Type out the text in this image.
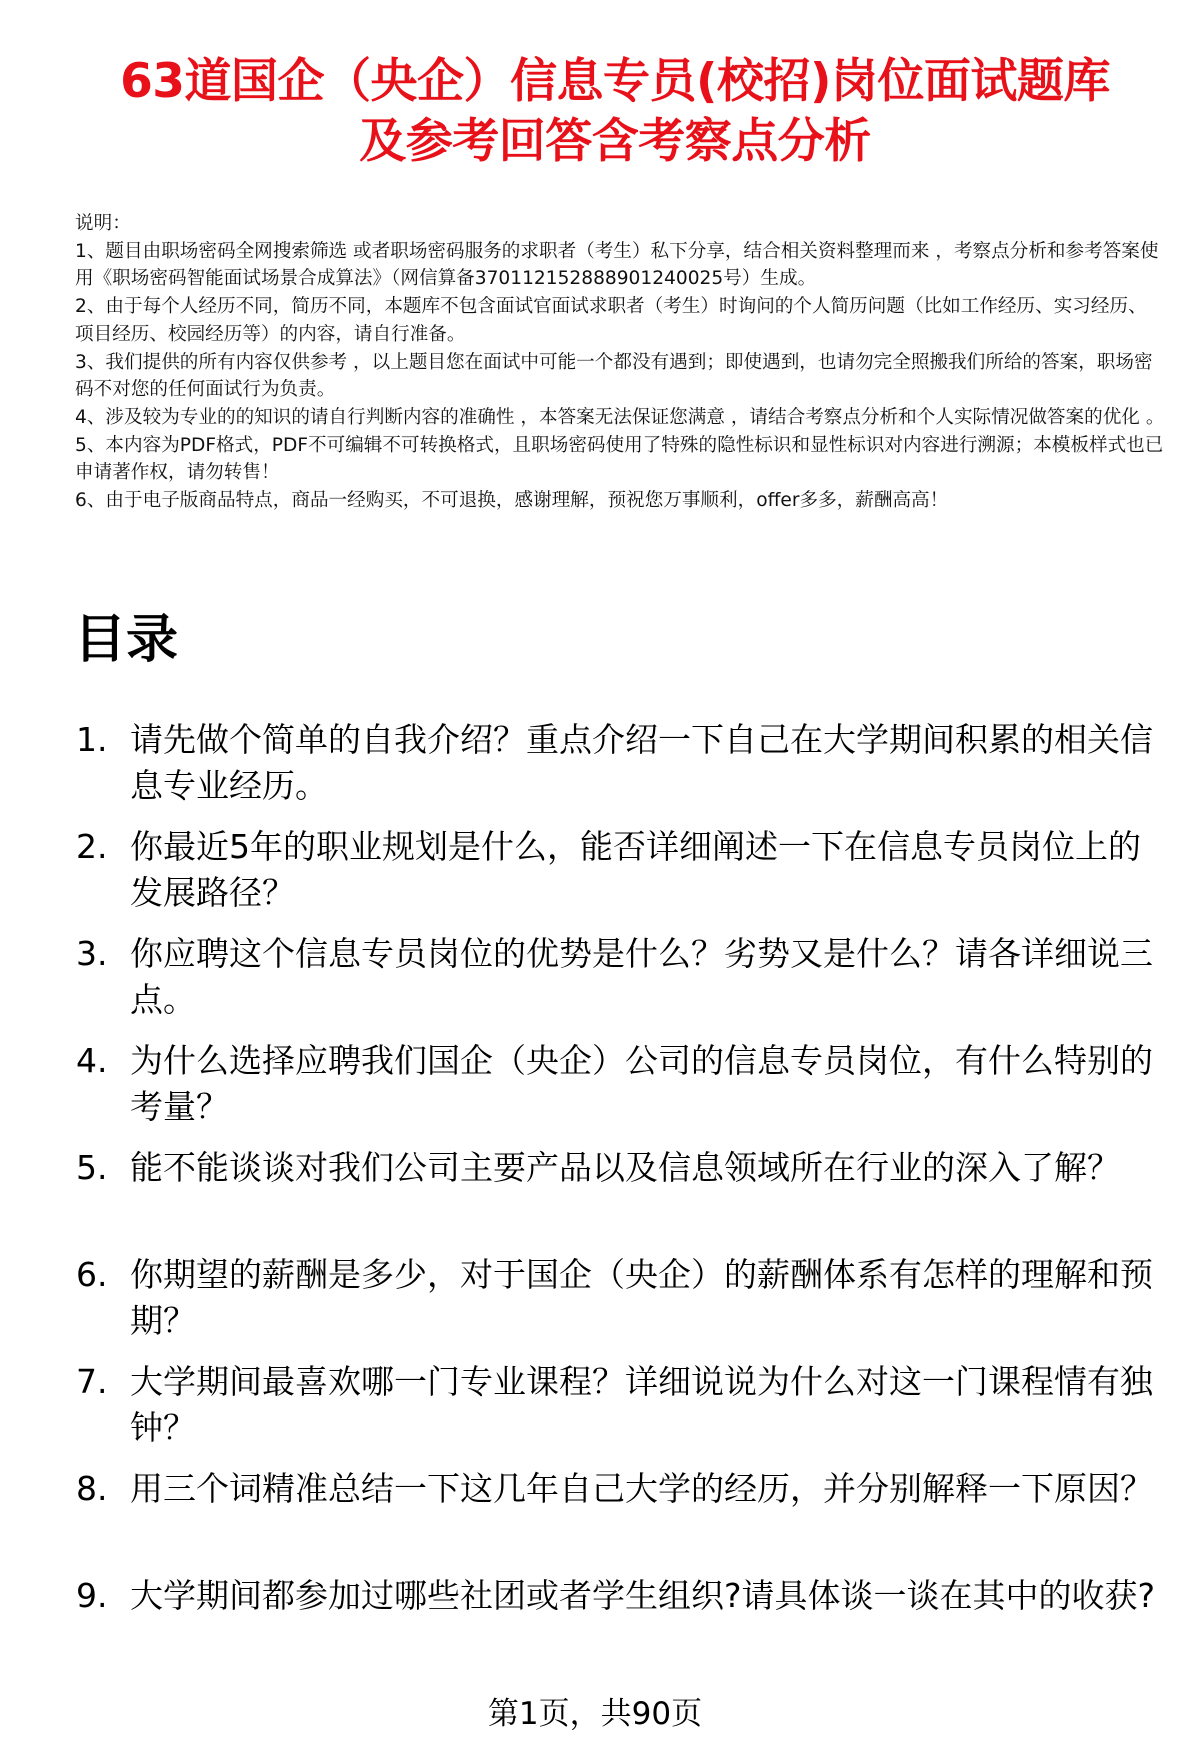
63道国企（央企）信息专员(校招)岗位面试题库
及参考回答含考察点分析

说明：

1、题目由职场密码全网搜索筛选 或者职场密码服务的求职者（考生）私下分享，结合相关资料整理而来 ，考察点分析和参考答案使用《职场密码智能面试场景合成算法》（网信算备370112152888901240025号）生成。

2、由于每个人经历不同，简历不同，本题库不包含面试官面试求职者（考生）时询问的个人简历问题（比如工作经历、实习经历、项目经历、校园经历等）的内容，请自行准备。

3、我们提供的所有内容仅供参考 ，以上题目您在面试中可能一个都没有遇到；即使遇到，也请勿完全照搬我们所给的答案，职场密码不对您的任何面试行为负责。

4、涉及较为专业的的知识的请自行判断内容的准确性 ，本答案无法保证您满意 ，请结合考察点分析和个人实际情况做答案的优化 。

5、本内容为PDF格式，PDF不可编辑不可转换格式，且职场密码使用了特殊的隐性标识和显性标识对内容进行溯源；本模板样式也已申请著作权，请勿转售！

6、由于电子版商品特点，商品一经购买，不可退换，感谢理解，预祝您万事顺利，offer多多，薪酬高高！

目录
1. 请先做个简单的自我介绍？重点介绍一下自己在大学期间积累的相关信息专业经历。
2. 你最近5年的职业规划是什么，能否详细阐述一下在信息专员岗位上的发展路径？
3. 你应聘这个信息专员岗位的优势是什么？劣势又是什么？请各详细说三点。
4. 为什么选择应聘我们国企（央企）公司的信息专员岗位，有什么特别的考量？
5. 能不能谈谈对我们公司主要产品以及信息领域所在行业的深入了解？
6. 你期望的薪酬是多少，对于国企（央企）的薪酬体系有怎样的理解和预期？
7. 大学期间最喜欢哪一门专业课程？详细说说为什么对这一门课程情有独钟？
8. 用三个词精准总结一下这几年自己大学的经历，并分别解释一下原因？
9. 大学期间都参加过哪些社团或者学生组织?请具体谈一谈在其中的收获?
第1页，共90页
